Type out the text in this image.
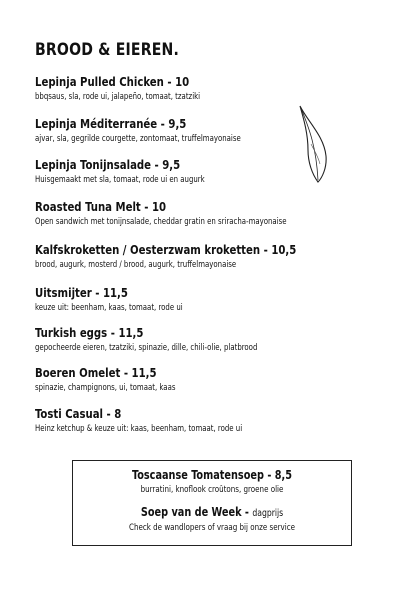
BROOD & EIEREN.
Lepinja Pulled Chicken - 10
bbqsaus, sla, rode ui, jalapeño, tomaat, tzatziki
Lepinja Méditerranée - 9,5
ajvar, sla, gegrilde courgette, zontomaat, truffelmayonaise
Lepinja Tonijnsalade - 9,5
Huisgemaakt met sla, tomaat, rode ui en augurk
Roasted Tuna Melt - 10
Open sandwich met tonijnsalade, cheddar gratin en sriracha-mayonaise
Kalfskroketten / Oesterzwam kroketten - 10,5
brood, augurk, mosterd / brood, augurk, truffelmayonaise
Uitsmijter - 11,5
keuze uit: beenham, kaas, tomaat, rode ui
Turkish eggs - 11,5
gepocheerde eieren, tzatziki, spinazie, dille, chili-olie, platbrood
Boeren Omelet - 11,5
spinazie, champignons, ui, tomaat, kaas
Tosti Casual - 8
Heinz ketchup & keuze uit: kaas, beenham, tomaat, rode ui
Toscaanse Tomatensoep - 8,5
burratini, knoflook croûtons, groene olie
Soep van de Week - dagprijs
Check de wandlopers of vraag bij onze service
